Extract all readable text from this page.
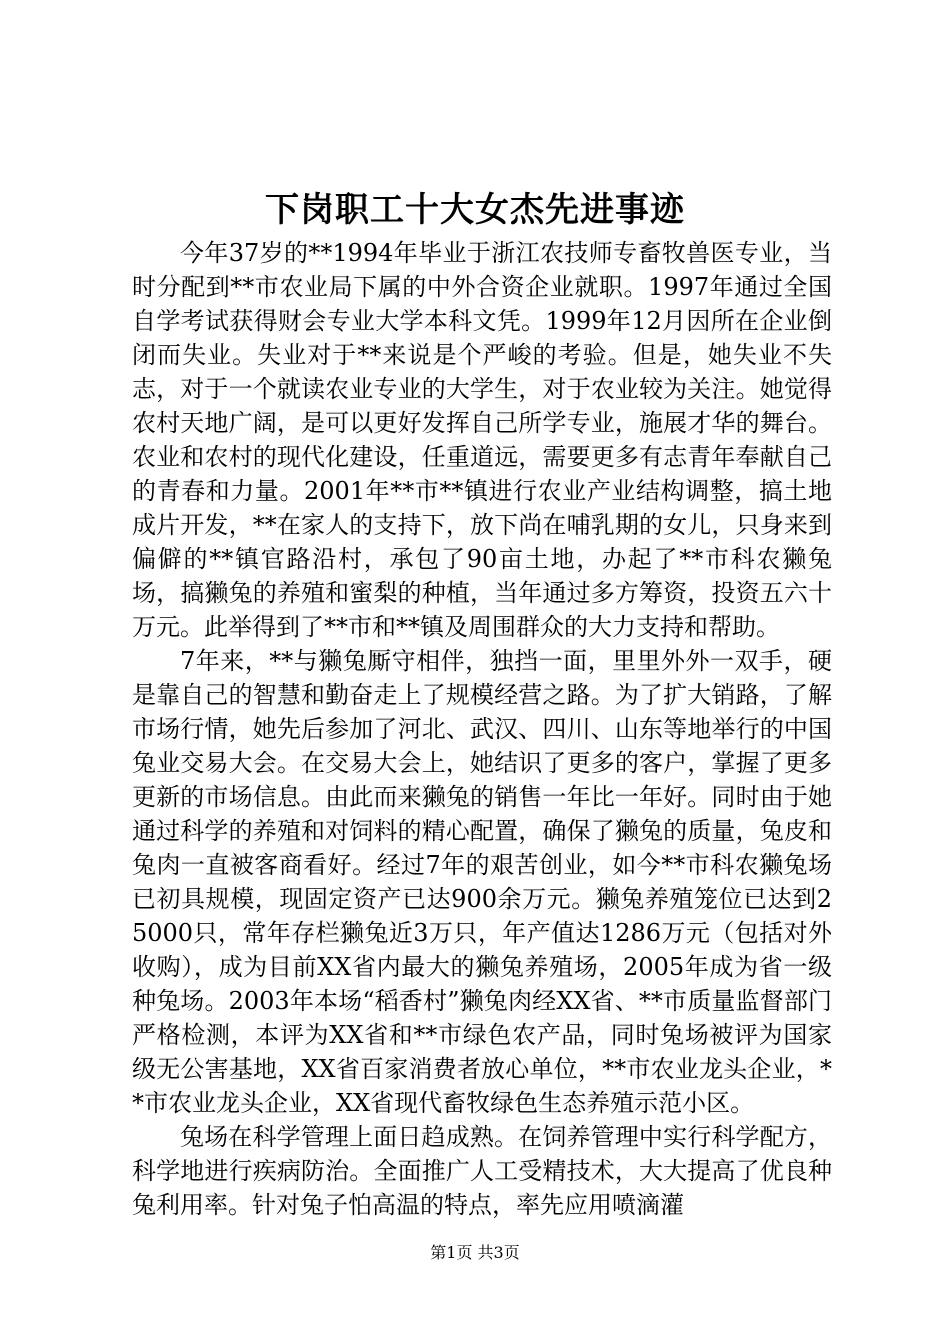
下岗职工十大女杰先进事迹

今年37岁的**1994年毕业于浙江农技师专畜牧兽医专业，当时分配到**市农业局下属的中外合资企业就职。1997年通过全国自学考试获得财会专业大学本科文凭。1999年12月因所在企业倒闭而失业。失业对于**来说是个严峻的考验。但是，她失业不失志，对于一个就读农业专业的大学生，对于农业较为关注。她觉得农村天地广阔，是可以更好发挥自己所学专业，施展才华的舞台。农业和农村的现代化建设，任重道远，需要更多有志青年奉献自己的青春和力量。2001年**市**镇进行农业产业结构调整，搞土地成片开发，**在家人的支持下，放下尚在哺乳期的女儿，只身来到偏僻的**镇官路沿村，承包了90亩土地，办起了**市科农獭兔场，搞獭兔的养殖和蜜梨的种植，当年通过多方筹资，投资五六十万元。此举得到了**市和**镇及周围群众的大力支持和帮助。

7年来，**与獭兔厮守相伴，独挡一面，里里外外一双手，硬是靠自己的智慧和勤奋走上了规模经营之路。为了扩大销路，了解市场行情，她先后参加了河北、武汉、四川、山东等地举行的中国兔业交易大会。在交易大会上，她结识了更多的客户，掌握了更多更新的市场信息。由此而来獭兔的销售一年比一年好。同时由于她通过科学的养殖和对饲料的精心配置，确保了獭兔的质量，兔皮和兔肉一直被客商看好。经过7年的艰苦创业，如今**市科农獭兔场已初具规模，现固定资产已达900余万元。獭兔养殖笼位已达到25000只，常年存栏獭兔近3万只，年产值达1286万元（包括对外收购），成为目前XX省内最大的獭兔养殖场，2005年成为省一级种兔场。2003年本场“稻香村”獭兔肉经XX省、**市质量监督部门严格检测，本评为XX省和**市绿色农产品，同时兔场被评为国家级无公害基地，XX省百家消费者放心单位，**市农业龙头企业，**市农业龙头企业，XX省现代畜牧绿色生态养殖示范小区。

兔场在科学管理上面日趋成熟。在饲养管理中实行科学配方，科学地进行疾病防治。全面推广人工受精技术，大大提高了优良种兔利用率。针对兔子怕高温的特点，率先应用喷滴灌

第1页 共3页
